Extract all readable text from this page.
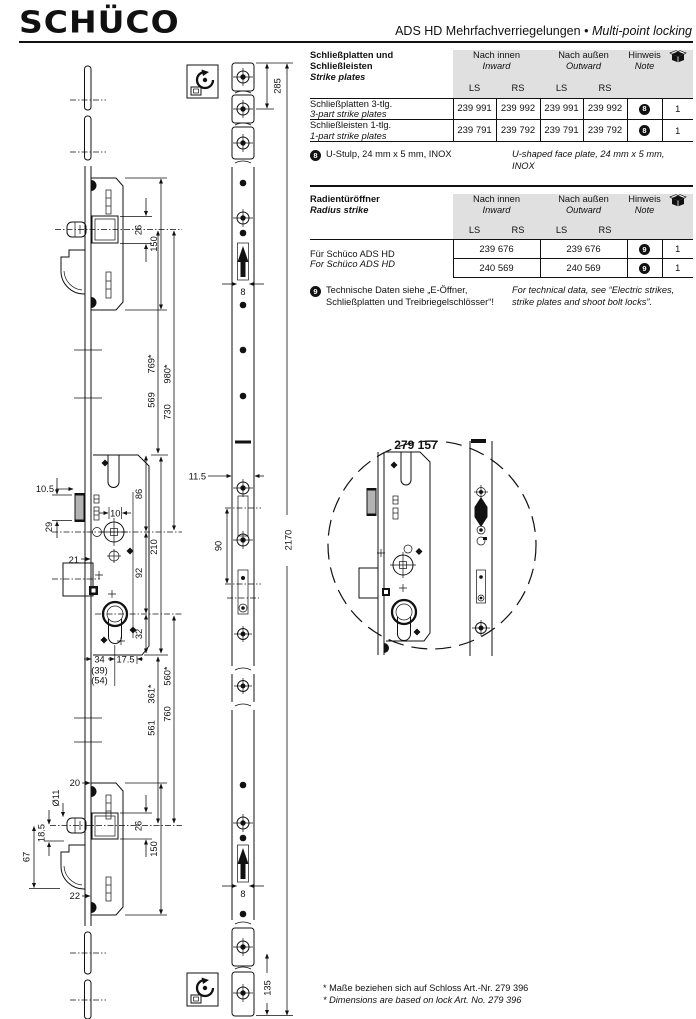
SCHÜCO	ADS HD Mehrfachverriegelungen • Multi-point locking
Schließplatten und
Schließleisten
Strike plates

Nach innen
Inward

Nach außen
Outward

Hinweis
Note

	LS	RS	LS	RS		

Schließplatten 3-tlg.
3-part strike plates	239 991	239 992	239 991	239 992	8	1

Schließleisten 1-tlg.
1-part strike plates	239 791	239 792	239 791	239 792	8	1
8 U-Stulp, 24 mm x 5 mm, INOX	U-shaped face plate, 24 mm x 5 mm,
INOX
Radientüröffner
Radius strike

Nach innen
Inward

Nach außen
Outward

Hinweis
Note

	LS	RS	LS	RS		

Für Schüco ADS HD
For Schüco ADS HD	239 676		239 676		9	1
	240 569		240 569		9	1
9 Technische Daten siehe „E-Öffner,
Schließplatten und Treibriegelschlösser“!
For technical data, see “Electric strikes,
strike plates and shoot bolt locks”.
26
150
769*
569
980*
730
361*
561
560*
760
10.5
29
21
86
92
32
210
10
34 17.5
(39)
(54)
20
Ø11
18.5
67
22
26
150
8
11.5
90
8
285
2170
135
279 157
* Maße beziehen sich auf Schloss Art.-Nr. 279 396
* Dimensions are based on lock Art. No. 279 396
